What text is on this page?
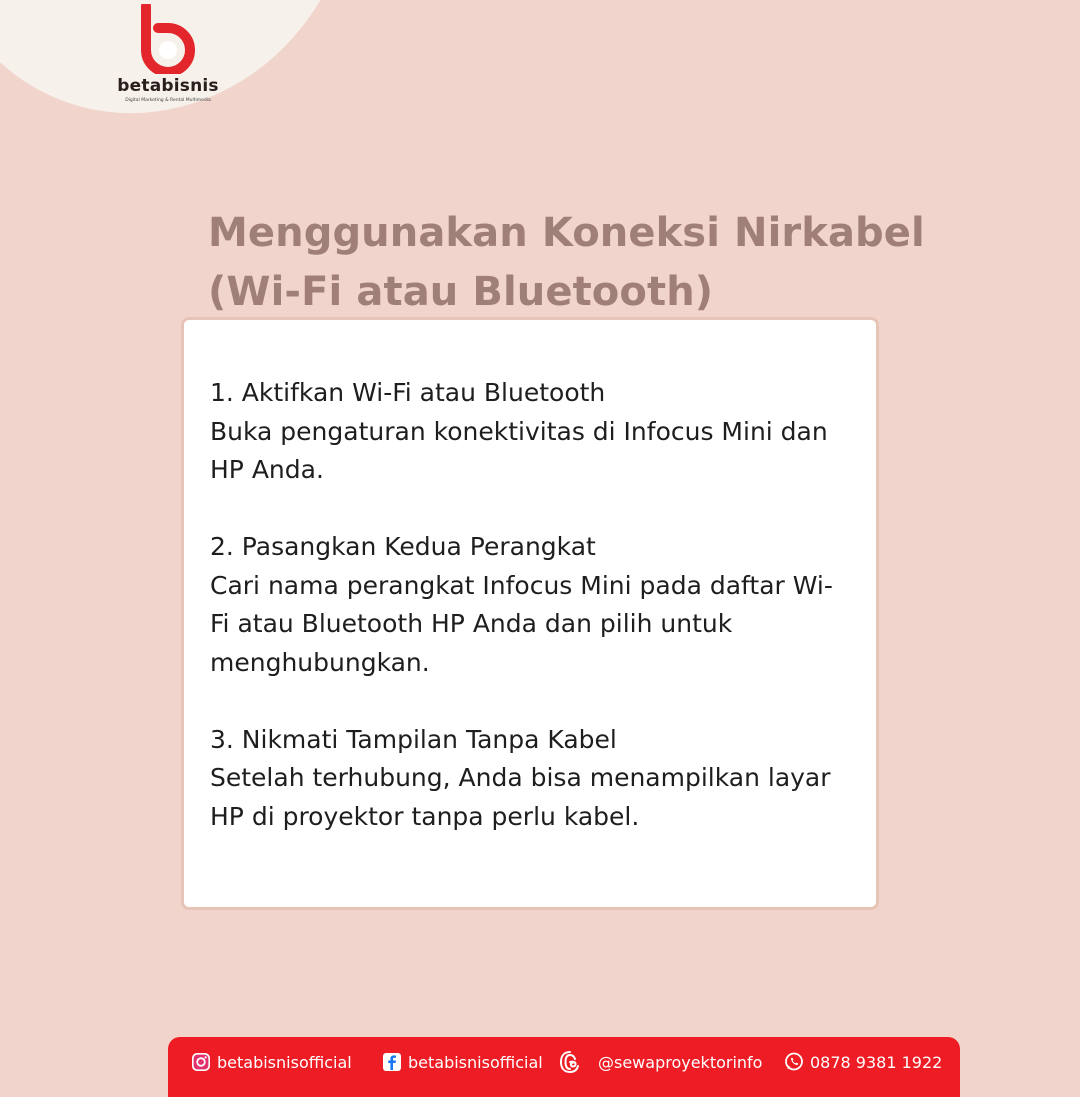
betabisnis
Digital Marketing & Rental Multimedia
Menggunakan Koneksi Nirkabel
(Wi-Fi atau Bluetooth)
1. Aktifkan Wi-Fi atau Bluetooth
Buka pengaturan konektivitas di Infocus Mini dan
HP Anda.
2. Pasangkan Kedua Perangkat
Cari nama perangkat Infocus Mini pada daftar Wi-
Fi atau Bluetooth HP Anda dan pilih untuk
menghubungkan.
3. Nikmati Tampilan Tanpa Kabel
Setelah terhubung, Anda bisa menampilkan layar
HP di proyektor tanpa perlu kabel.
betabisnisofficial	betabisnisofficial	@sewaproyektorinfo	0878 9381 1922
